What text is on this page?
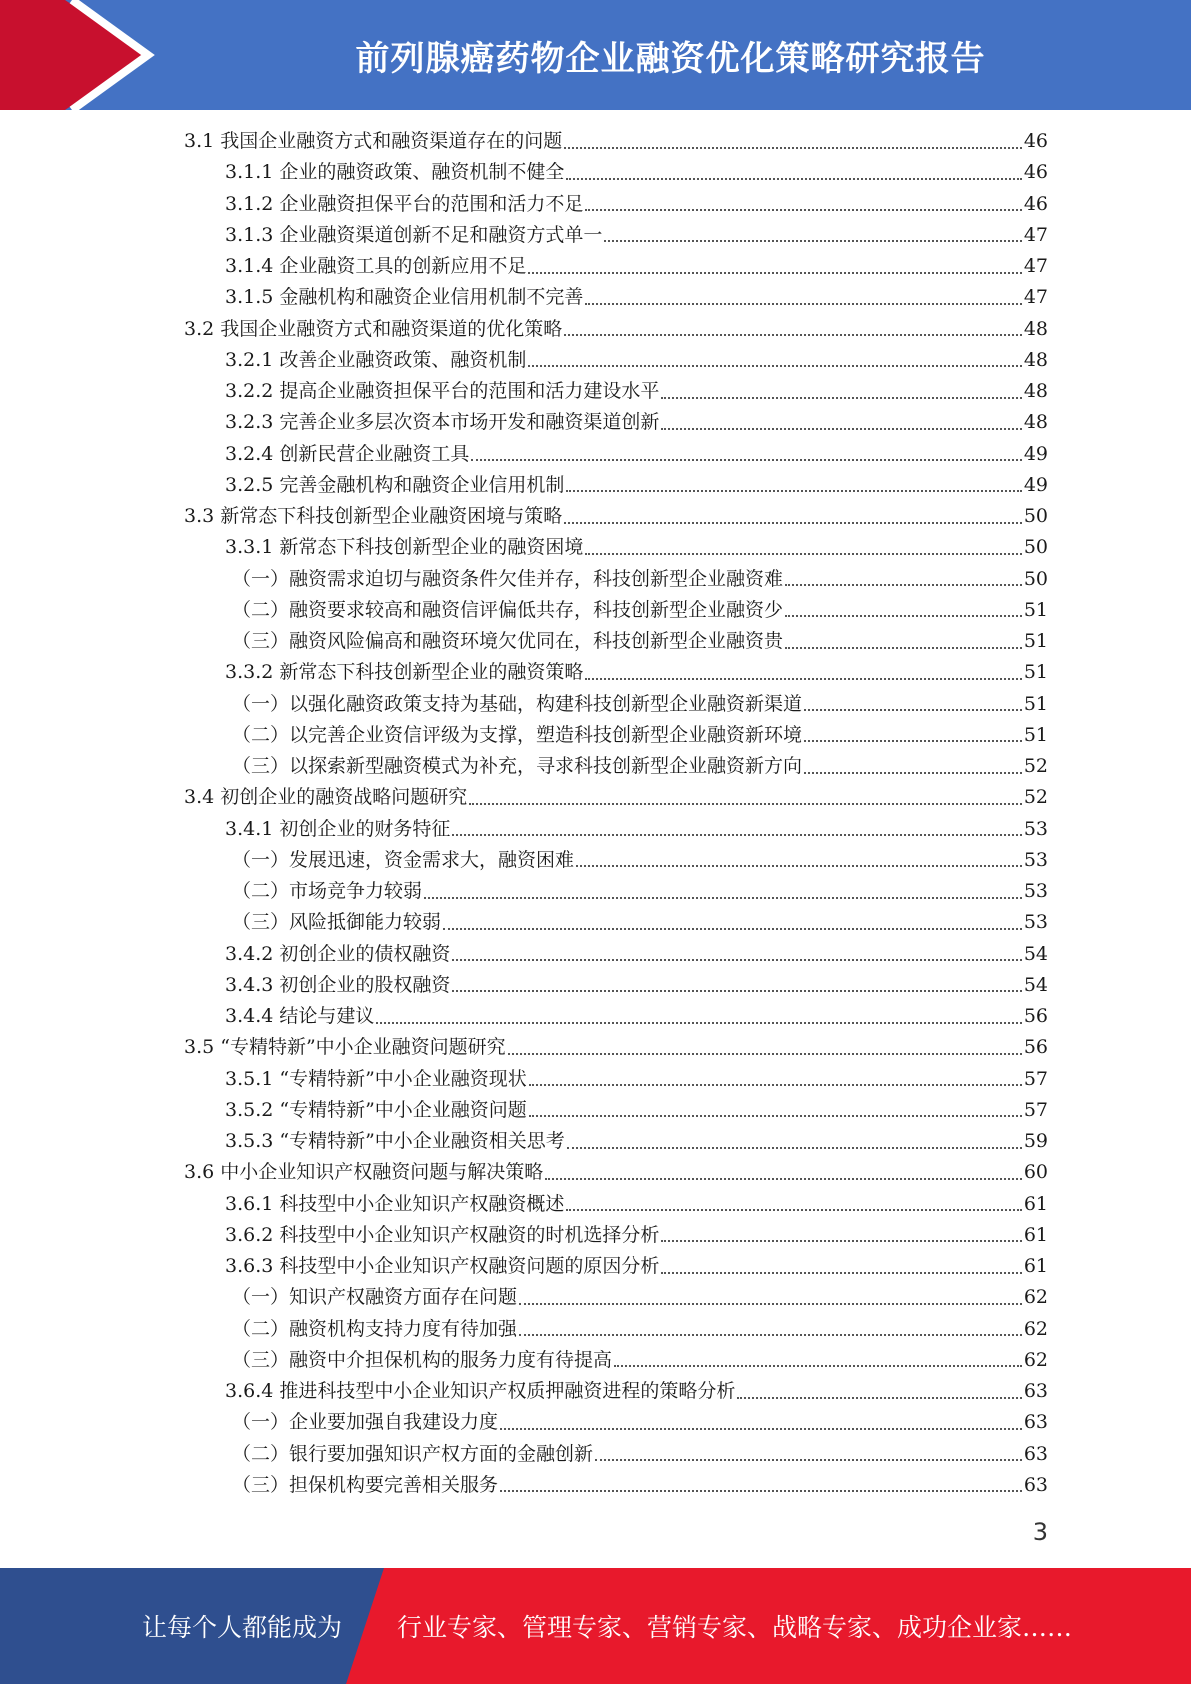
前列腺癌药物企业融资优化策略研究报告
3.1 我国企业融资方式和融资渠道存在的问题	46
3.1.1 企业的融资政策、融资机制不健全	46
3.1.2 企业融资担保平台的范围和活力不足	46
3.1.3 企业融资渠道创新不足和融资方式单一	47
3.1.4 企业融资工具的创新应用不足	47
3.1.5 金融机构和融资企业信用机制不完善	47
3.2 我国企业融资方式和融资渠道的优化策略	48
3.2.1 改善企业融资政策、融资机制	48
3.2.2 提高企业融资担保平台的范围和活力建设水平	48
3.2.3 完善企业多层次资本市场开发和融资渠道创新	48
3.2.4 创新民营企业融资工具	49
3.2.5 完善金融机构和融资企业信用机制	49
3.3 新常态下科技创新型企业融资困境与策略	50
3.3.1 新常态下科技创新型企业的融资困境	50
（一）融资需求迫切与融资条件欠佳并存，科技创新型企业融资难	50
（二）融资要求较高和融资信评偏低共存，科技创新型企业融资少	51
（三）融资风险偏高和融资环境欠优同在，科技创新型企业融资贵	51
3.3.2 新常态下科技创新型企业的融资策略	51
（一）以强化融资政策支持为基础，构建科技创新型企业融资新渠道	51
（二）以完善企业资信评级为支撑，塑造科技创新型企业融资新环境	51
（三）以探索新型融资模式为补充，寻求科技创新型企业融资新方向	52
3.4 初创企业的融资战略问题研究	52
3.4.1 初创企业的财务特征	53
（一）发展迅速，资金需求大，融资困难	53
（二）市场竞争力较弱	53
（三）风险抵御能力较弱	53
3.4.2 初创企业的债权融资	54
3.4.3 初创企业的股权融资	54
3.4.4 结论与建议	56
3.5 “专精特新”中小企业融资问题研究	56
3.5.1 “专精特新”中小企业融资现状	57
3.5.2 “专精特新”中小企业融资问题	57
3.5.3 “专精特新”中小企业融资相关思考	59
3.6 中小企业知识产权融资问题与解决策略	60
3.6.1 科技型中小企业知识产权融资概述	61
3.6.2 科技型中小企业知识产权融资的时机选择分析	61
3.6.3 科技型中小企业知识产权融资问题的原因分析	61
（一）知识产权融资方面存在问题	62
（二）融资机构支持力度有待加强	62
（三）融资中介担保机构的服务力度有待提高	62
3.6.4 推进科技型中小企业知识产权质押融资进程的策略分析	63
（一）企业要加强自我建设力度	63
（二）银行要加强知识产权方面的金融创新	63
（三）担保机构要完善相关服务	63
3
让每个人都能成为 行业专家、管理专家、营销专家、战略专家、成功企业家……
